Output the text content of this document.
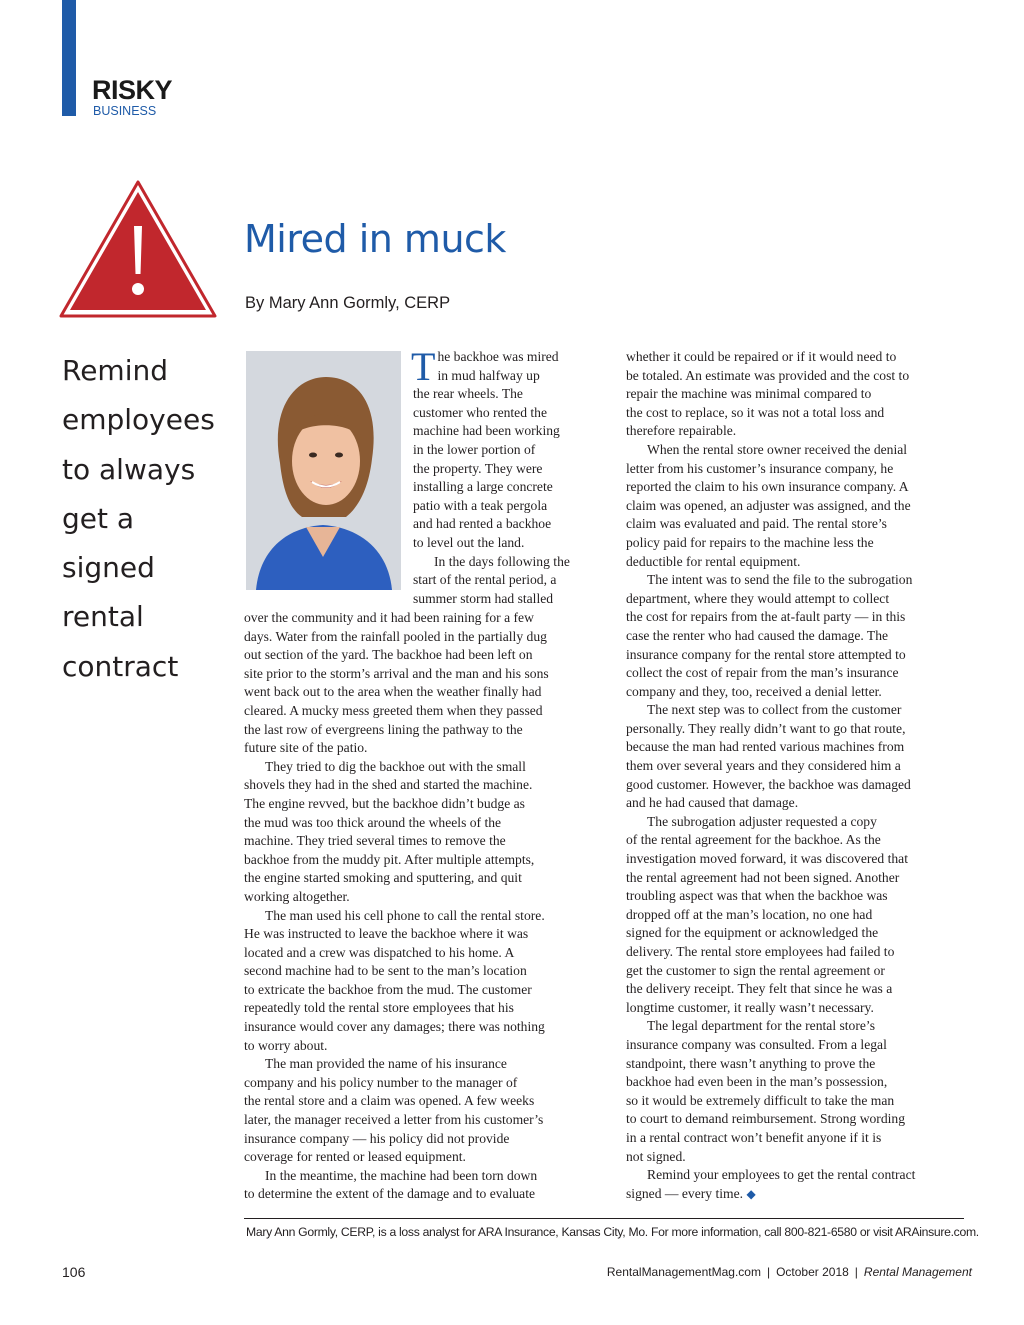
RISKY
BUSINESS
Mired in muck
By Mary Ann Gormly, CERP
Remind
employees
to always
get a
signed
rental
contract
T he backhoe was mired
in mud halfway up
the rear wheels. The
customer who rented the
machine had been working
in the lower portion of
the property. They were
installing a large concrete
patio with a teak pergola
and had rented a backhoe
to level out the land.
In the days following the
start of the rental period, a
summer storm had stalled
over the community and it had been raining for a few
days. Water from the rainfall pooled in the partially dug
out section of the yard. The backhoe had been left on
site prior to the storm’s arrival and the man and his sons
went back out to the area when the weather finally had
cleared. A mucky mess greeted them when they passed
the last row of evergreens lining the pathway to the
future site of the patio.
They tried to dig the backhoe out with the small
shovels they had in the shed and started the machine.
The engine revved, but the backhoe didn’t budge as
the mud was too thick around the wheels of the
machine. They tried several times to remove the
backhoe from the muddy pit. After multiple attempts,
the engine started smoking and sputtering, and quit
working altogether.
The man used his cell phone to call the rental store.
He was instructed to leave the backhoe where it was
located and a crew was dispatched to his home. A
second machine had to be sent to the man’s location
to extricate the backhoe from the mud. The customer
repeatedly told the rental store employees that his
insurance would cover any damages; there was nothing
to worry about.
The man provided the name of his insurance
company and his policy number to the manager of
the rental store and a claim was opened. A few weeks
later, the manager received a letter from his customer’s
insurance company — his policy did not provide
coverage for rented or leased equipment.
In the meantime, the machine had been torn down
to determine the extent of the damage and to evaluate
whether it could be repaired or if it would need to
be totaled. An estimate was provided and the cost to
repair the machine was minimal compared to
the cost to replace, so it was not a total loss and
therefore repairable.
When the rental store owner received the denial
letter from his customer’s insurance company, he
reported the claim to his own insurance company. A
claim was opened, an adjuster was assigned, and the
claim was evaluated and paid. The rental store’s
policy paid for repairs to the machine less the
deductible for rental equipment.
The intent was to send the file to the subrogation
department, where they would attempt to collect
the cost for repairs from the at-fault party — in this
case the renter who had caused the damage. The
insurance company for the rental store attempted to
collect the cost of repair from the man’s insurance
company and they, too, received a denial letter.
The next step was to collect from the customer
personally. They really didn’t want to go that route,
because the man had rented various machines from
them over several years and they considered him a
good customer. However, the backhoe was damaged
and he had caused that damage.
The subrogation adjuster requested a copy
of the rental agreement for the backhoe. As the
investigation moved forward, it was discovered that
the rental agreement had not been signed. Another
troubling aspect was that when the backhoe was
dropped off at the man’s location, no one had
signed for the equipment or acknowledged the
delivery. The rental store employees had failed to
get the customer to sign the rental agreement or
the delivery receipt. They felt that since he was a
longtime customer, it really wasn’t necessary.
The legal department for the rental store’s
insurance company was consulted. From a legal
standpoint, there wasn’t anything to prove the
backhoe had even been in the man’s possession,
so it would be extremely difficult to take the man
to court to demand reimbursement. Strong wording
in a rental contract won’t benefit anyone if it is
not signed.
Remind your employees to get the rental contract
signed — every time. ◆
Mary Ann Gormly, CERP, is a loss analyst for ARA Insurance, Kansas City, Mo. For more information, call 800-821-6580 or visit ARAinsure.com.
106	RentalManagementMag.com | October 2018 | Rental Management
